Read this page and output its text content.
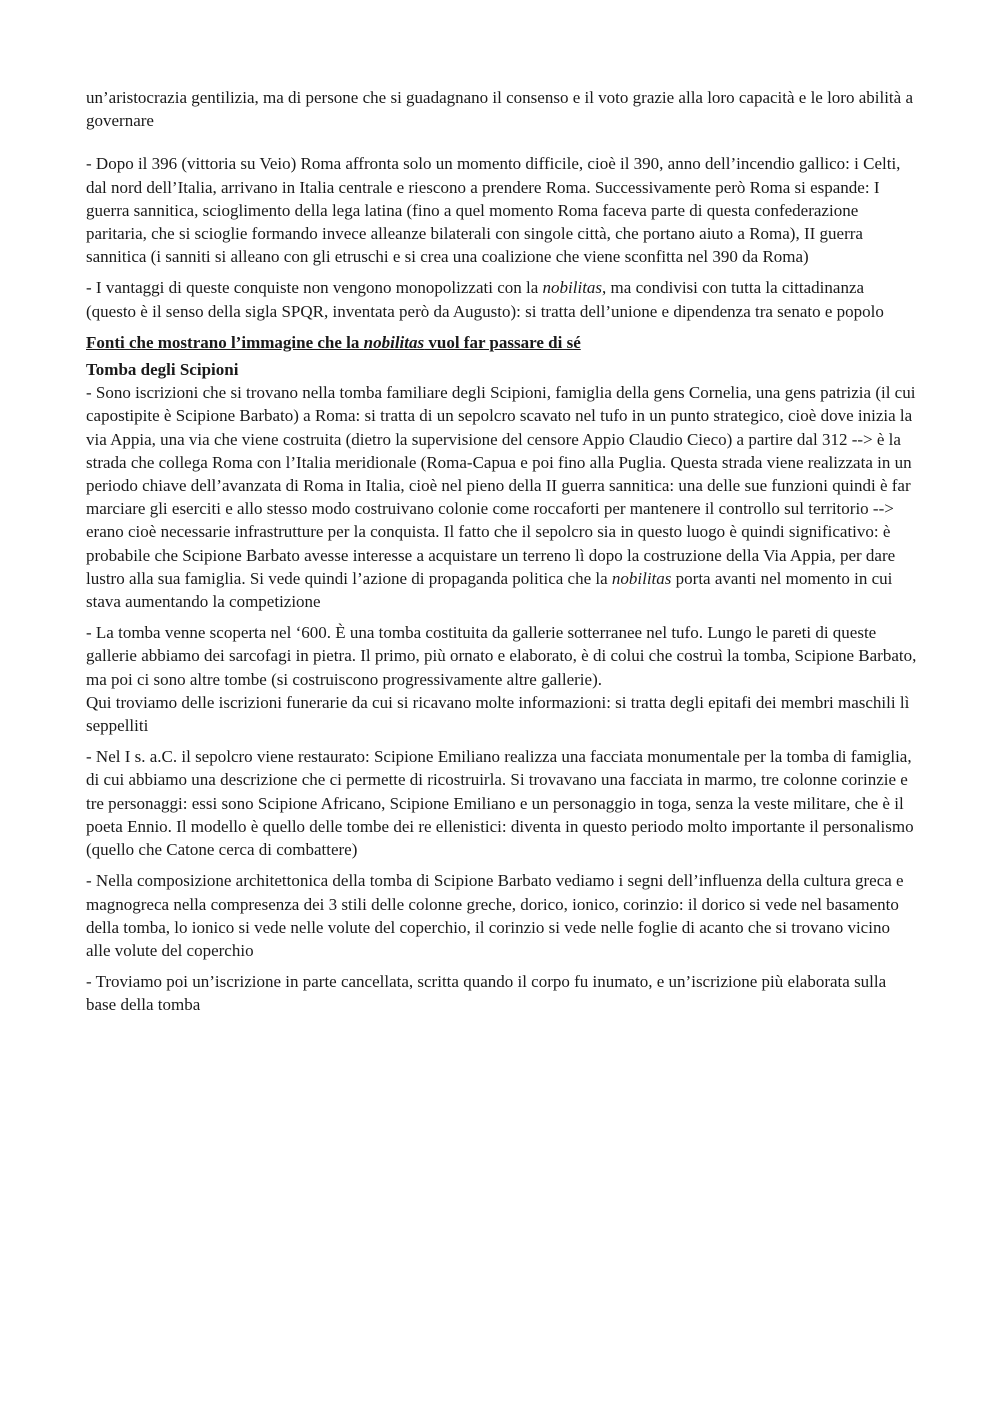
un’aristocrazia gentilizia, ma di persone che si guadagnano il consenso e il voto grazie alla loro capacità e le loro abilità a governare

- Dopo il 396 (vittoria su Veio) Roma affronta solo un momento difficile, cioè il 390, anno dell’incendio gallico: i Celti, dal nord dell’Italia, arrivano in Italia centrale e riescono a prendere Roma. Successivamente però Roma si espande: I guerra sannitica, scioglimento della lega latina (fino a quel momento Roma faceva parte di questa confederazione paritaria, che si scioglie formando invece alleanze bilaterali con singole città, che portano aiuto a Roma), II guerra sannitica (i sanniti si alleano con gli etruschi e si crea una coalizione che viene sconfitta nel 390 da Roma)

- I vantaggi di queste conquiste non vengono monopolizzati con la nobilitas, ma condivisi con tutta la cittadinanza (questo è il senso della sigla SPQR, inventata però da Augusto): si tratta dell’unione e dipendenza tra senato e popolo

Fonti che mostrano l’immagine che la nobilitas vuol far passare di sé

Tomba degli Scipioni

- Sono iscrizioni che si trovano nella tomba familiare degli Scipioni, famiglia della gens Cornelia, una gens patrizia (il cui capostipite è Scipione Barbato) a Roma: si tratta di un sepolcro scavato nel tufo in un punto strategico, cioè dove inizia la via Appia, una via che viene costruita (dietro la supervisione del censore Appio Claudio Cieco) a partire dal 312 --> è la strada che collega Roma con l’Italia meridionale (Roma-Capua e poi fino alla Puglia. Questa strada viene realizzata in un periodo chiave dell’avanzata di Roma in Italia, cioè nel pieno della II guerra sannitica: una delle sue funzioni quindi è far marciare gli eserciti e allo stesso modo costruivano colonie come roccaforti per mantenere il controllo sul territorio --> erano cioè necessarie infrastrutture per la conquista. Il fatto che il sepolcro sia in questo luogo è quindi significativo: è probabile che Scipione Barbato avesse interesse a acquistare un terreno lì dopo la costruzione della Via Appia, per dare lustro alla sua famiglia. Si vede quindi l’azione di propaganda politica che la nobilitas porta avanti nel momento in cui stava aumentando la competizione

- La tomba venne scoperta nel ‘600. È una tomba costituita da gallerie sotterranee nel tufo. Lungo le pareti di queste gallerie abbiamo dei sarcofagi in pietra. Il primo, più ornato e elaborato, è di colui che costruì la tomba, Scipione Barbato, ma poi ci sono altre tombe (si costruiscono progressivamente altre gallerie).
Qui troviamo delle iscrizioni funerarie da cui si ricavano molte informazioni: si tratta degli epitafi dei membri maschili lì seppelliti

- Nel I s. a.C. il sepolcro viene restaurato: Scipione Emiliano realizza una facciata monumentale per la tomba di famiglia, di cui abbiamo una descrizione che ci permette di ricostruirla. Si trovavano una facciata in marmo, tre colonne corinzie e tre personaggi: essi sono Scipione Africano, Scipione Emiliano e un personaggio in toga, senza la veste militare, che è il poeta Ennio. Il modello è quello delle tombe dei re ellenistici: diventa in questo periodo molto importante il personalismo (quello che Catone cerca di combattere)

- Nella composizione architettonica della tomba di Scipione Barbato vediamo i segni dell’influenza della cultura greca e magnogreca nella compresenza dei 3 stili delle colonne greche, dorico, ionico, corinzio: il dorico si vede nel basamento della tomba, lo ionico si vede nelle volute del coperchio, il corinzio si vede nelle foglie di acanto che si trovano vicino alle volute del coperchio

- Troviamo poi un’iscrizione in parte cancellata, scritta quando il corpo fu inumato, e un’iscrizione più elaborata sulla base della tomba
